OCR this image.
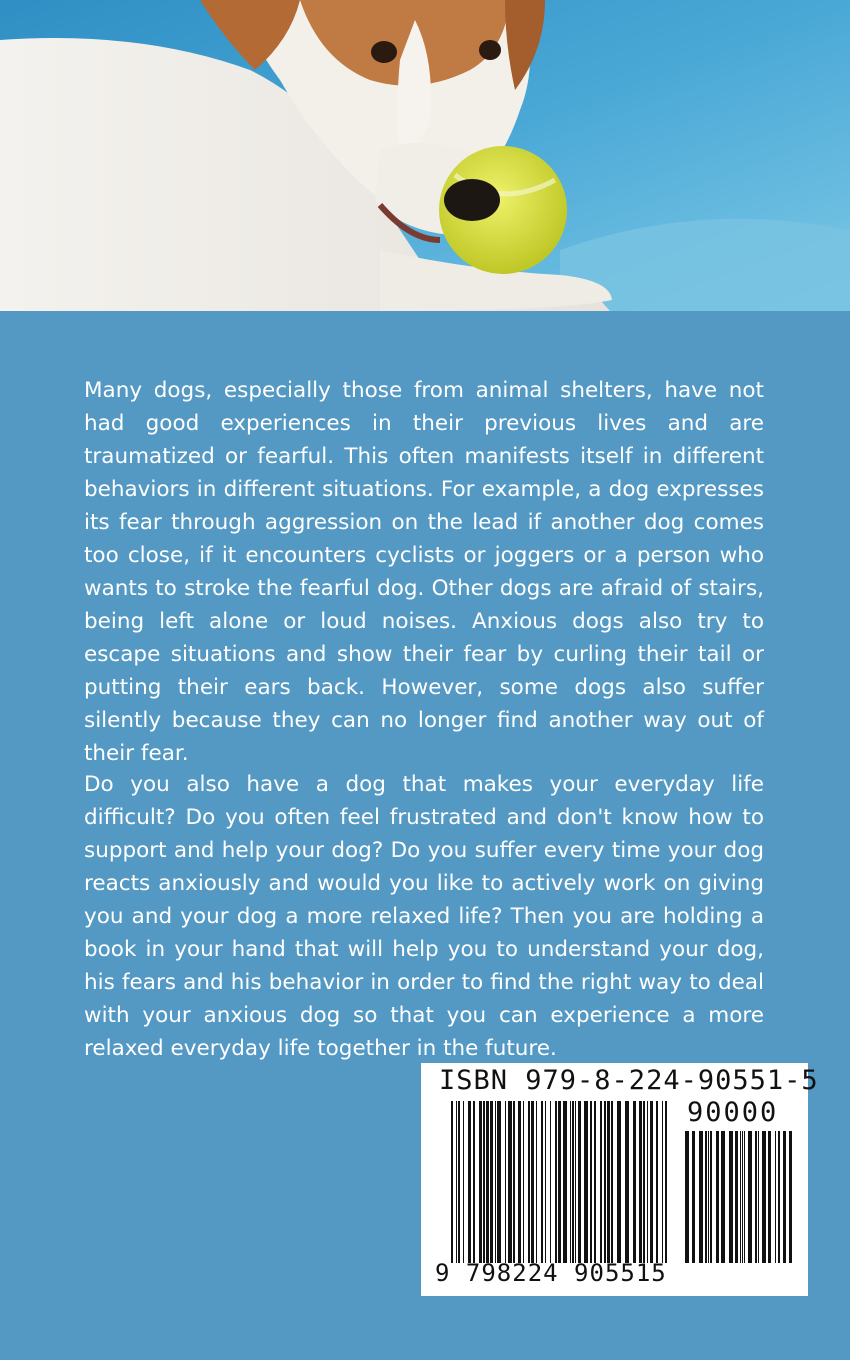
Many dogs, especially those from animal shelters, have not had good experiences in their previous lives and are traumatized or fearful. This often manifests itself in different behaviors in different situations. For example, a dog expresses its fear through aggression on the lead if another dog comes too close, if it encounters cyclists or joggers or a person who wants to stroke the fearful dog. Other dogs are afraid of stairs, being left alone or loud noises. Anxious dogs also try to escape situations and show their fear by curling their tail or putting their ears back. However, some dogs also suffer silently because they can no longer find another way out of their fear.

Do you also have a dog that makes your everyday life difficult? Do you often feel frustrated and don't know how to support and help your dog? Do you suffer every time your dog reacts anxiously and would you like to actively work on giving you and your dog a more relaxed life? Then you are holding a book in your hand that will help you to understand your dog, his fears and his behavior in order to find the right way to deal with your anxious dog so that you can experience a more relaxed everyday life together in the future.

ISBN 979-8-224-90551-5
90000
9 798224 905515
